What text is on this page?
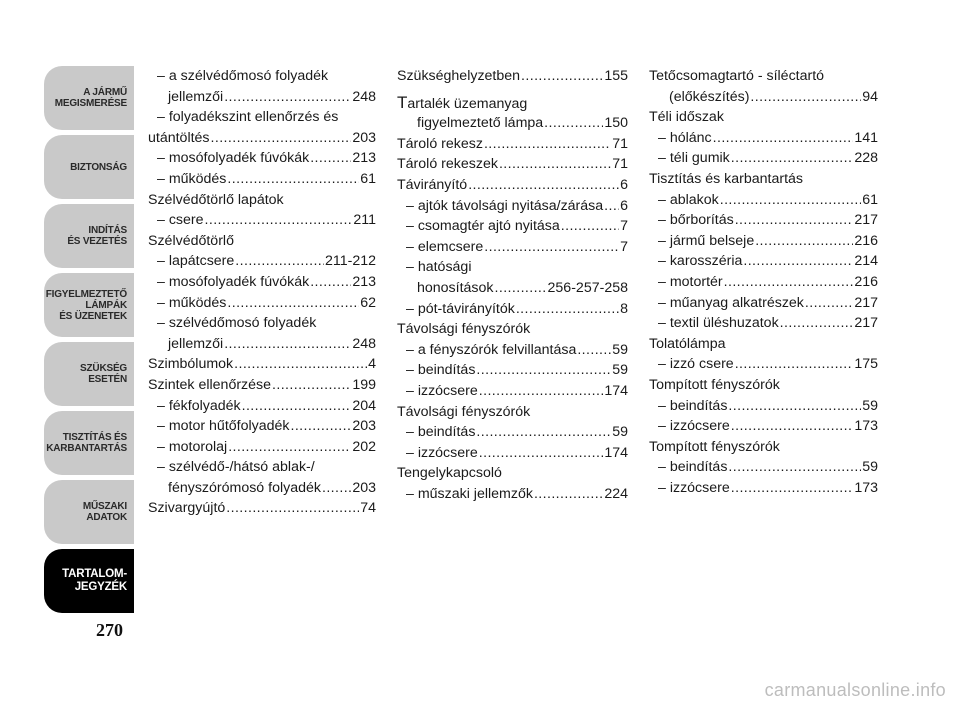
A JÁRMŰ
MEGISMERÉSE
BIZTONSÁG
INDÍTÁS
ÉS VEZETÉS
FIGYELMEZTETŐ
LÁMPÁK
ÉS ÜZENETEK
SZÜKSÉG
ESETÉN
TISZTÍTÁS ÉS
KARBANTARTÁS
MŰSZAKI
ADATOK
TARTALOM-
JEGYZÉK
270
– a szélvédőmosó folyadék
jellemzői .....	248
– folyadékszint ellenőrzés és
utántöltés .....	203
– mosófolyadék fúvókák .....	213
– működés .....	61
Szélvédőtörlő lapátok
– csere .....	211
Szélvédőtörlő
– lapátcsere .....	211-212
– mosófolyadék fúvókák .....	213
– működés .....	62
– szélvédőmosó folyadék
jellemzői .....	248
Szimbólumok .....	4
Szintek ellenőrzése .....	199
– fékfolyadék .....	204
– motor hűtőfolyadék .....	203
– motorolaj .....	202
– szélvédő-/hátsó ablak-/
fényszórómosó folyadék ..... 203
Szivargyújtó .....	74
Szükséghelyzetben .....	155
Tartalék üzemanyag
figyelmeztető lámpa .....	150
Tároló rekesz .....	71
Tároló rekeszek .....	71
Távirányító .....	6
– ajtók távolsági nyitása/zárása ..... 6
– csomagtér ajtó nyitása .....	7
– elemcsere .....	7
– hatósági
honosítások .....	256-257-258
– pót-távirányítók .....	8
Távolsági fényszórók
– a fényszórók felvillantása .....	59
– beindítás .....	59
– izzócsere .....	174
Távolsági fényszórók
– beindítás .....	59
– izzócsere .....	174
Tengelykapcsoló
– műszaki jellemzők .....	224
Tetőcsomagtartó - síléctartó
(előkészítés) .....	94
Téli időszak
– hólánc .....	141
– téli gumik .....	228
Tisztítás és karbantartás
– ablakok .....	61
– bőrborítás .....	217
– jármű belseje .....	216
– karosszéria .....	214
– motortér .....	216
– műanyag alkatrészek .....	217
– textil üléshuzatok .....	217
Tolatólámpa
– izzó csere .....	175
Tompított fényszórók
– beindítás .....	59
– izzócsere .....	173
Tompított fényszórók
– beindítás .....	59
– izzócsere .....	173
carmanualsonline.info
